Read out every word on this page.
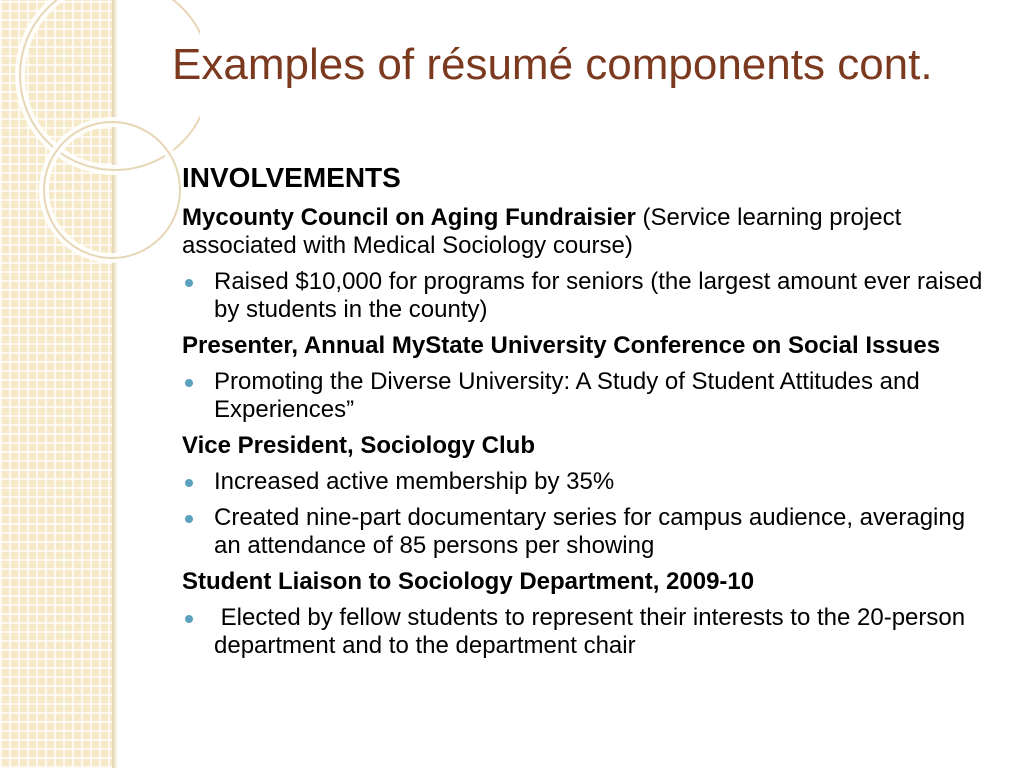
Examples of résumé components cont.
INVOLVEMENTS
Mycounty Council on Aging Fundraisier (Service learning project associated with Medical Sociology course)
Raised $10,000 for programs for seniors (the largest amount ever raised by students in the county)
Presenter, Annual MyState University Conference on Social Issues
Promoting the Diverse University: A Study of Student Attitudes and Experiences”
Vice President, Sociology Club
Increased active membership by 35%
Created nine-part documentary series for campus audience, averaging an attendance of 85 persons per showing
Student Liaison to Sociology Department, 2009-10
Elected by fellow students to represent their interests to the 20-person department and to the department chair
